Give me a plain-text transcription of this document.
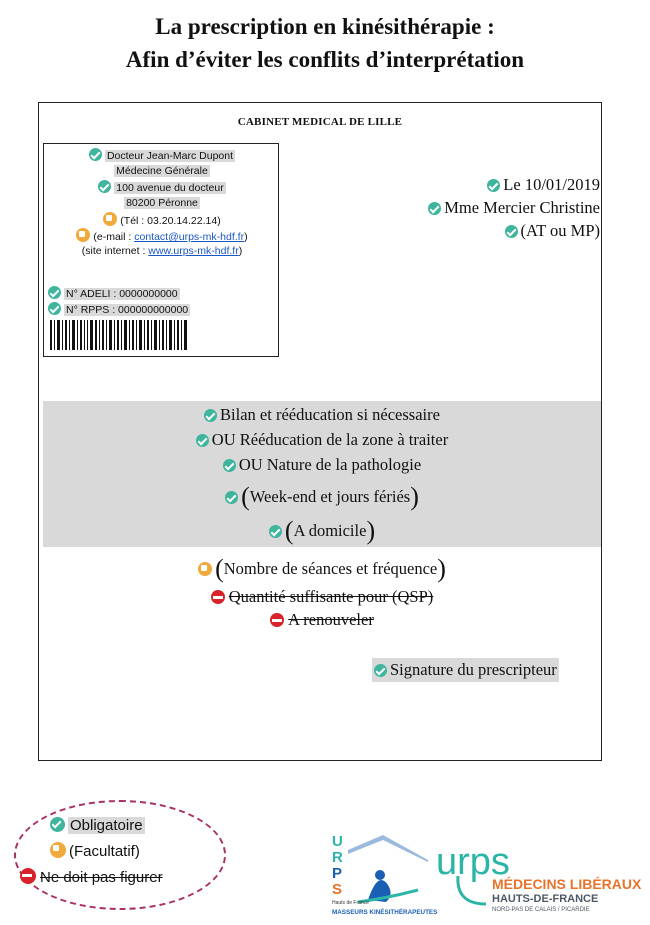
La prescription en kinésithérapie :
Afin d’éviter les conflits d’interprétation
CABINET MEDICAL DE LILLE
Docteur Jean-Marc Dupont
Médecine Générale
100 avenue du docteur
80200 Péronne
(Tél : 03.20.14.22.14)
(e-mail : contact@urps-mk-hdf.fr)
(site internet : www.urps-mk-hdf.fr)
N° ADELI : 0000000000
N° RPPS : 000000000000
Le 10/01/2019
Mme Mercier Christine
(AT ou MP)
Bilan et rééducation si nécessaire
OU Rééducation de la zone à traiter
OU Nature de la pathologie
(Week-end et jours fériés)
(A domicile)
(Nombre de séances et fréquence)
Quantité suffisante pour (QSP)
A renouveler
Signature du prescripteur
Obligatoire
(Facultatif)
Ne doit pas figurer
U
R
P
S
Hauts de France
MASSEURS KINÉSITHÉRAPEUTES
urps
MÉDECINS LIBÉRAUX
HAUTS-DE-FRANCE
NORD-PAS DE CALAIS / PICARDIE
